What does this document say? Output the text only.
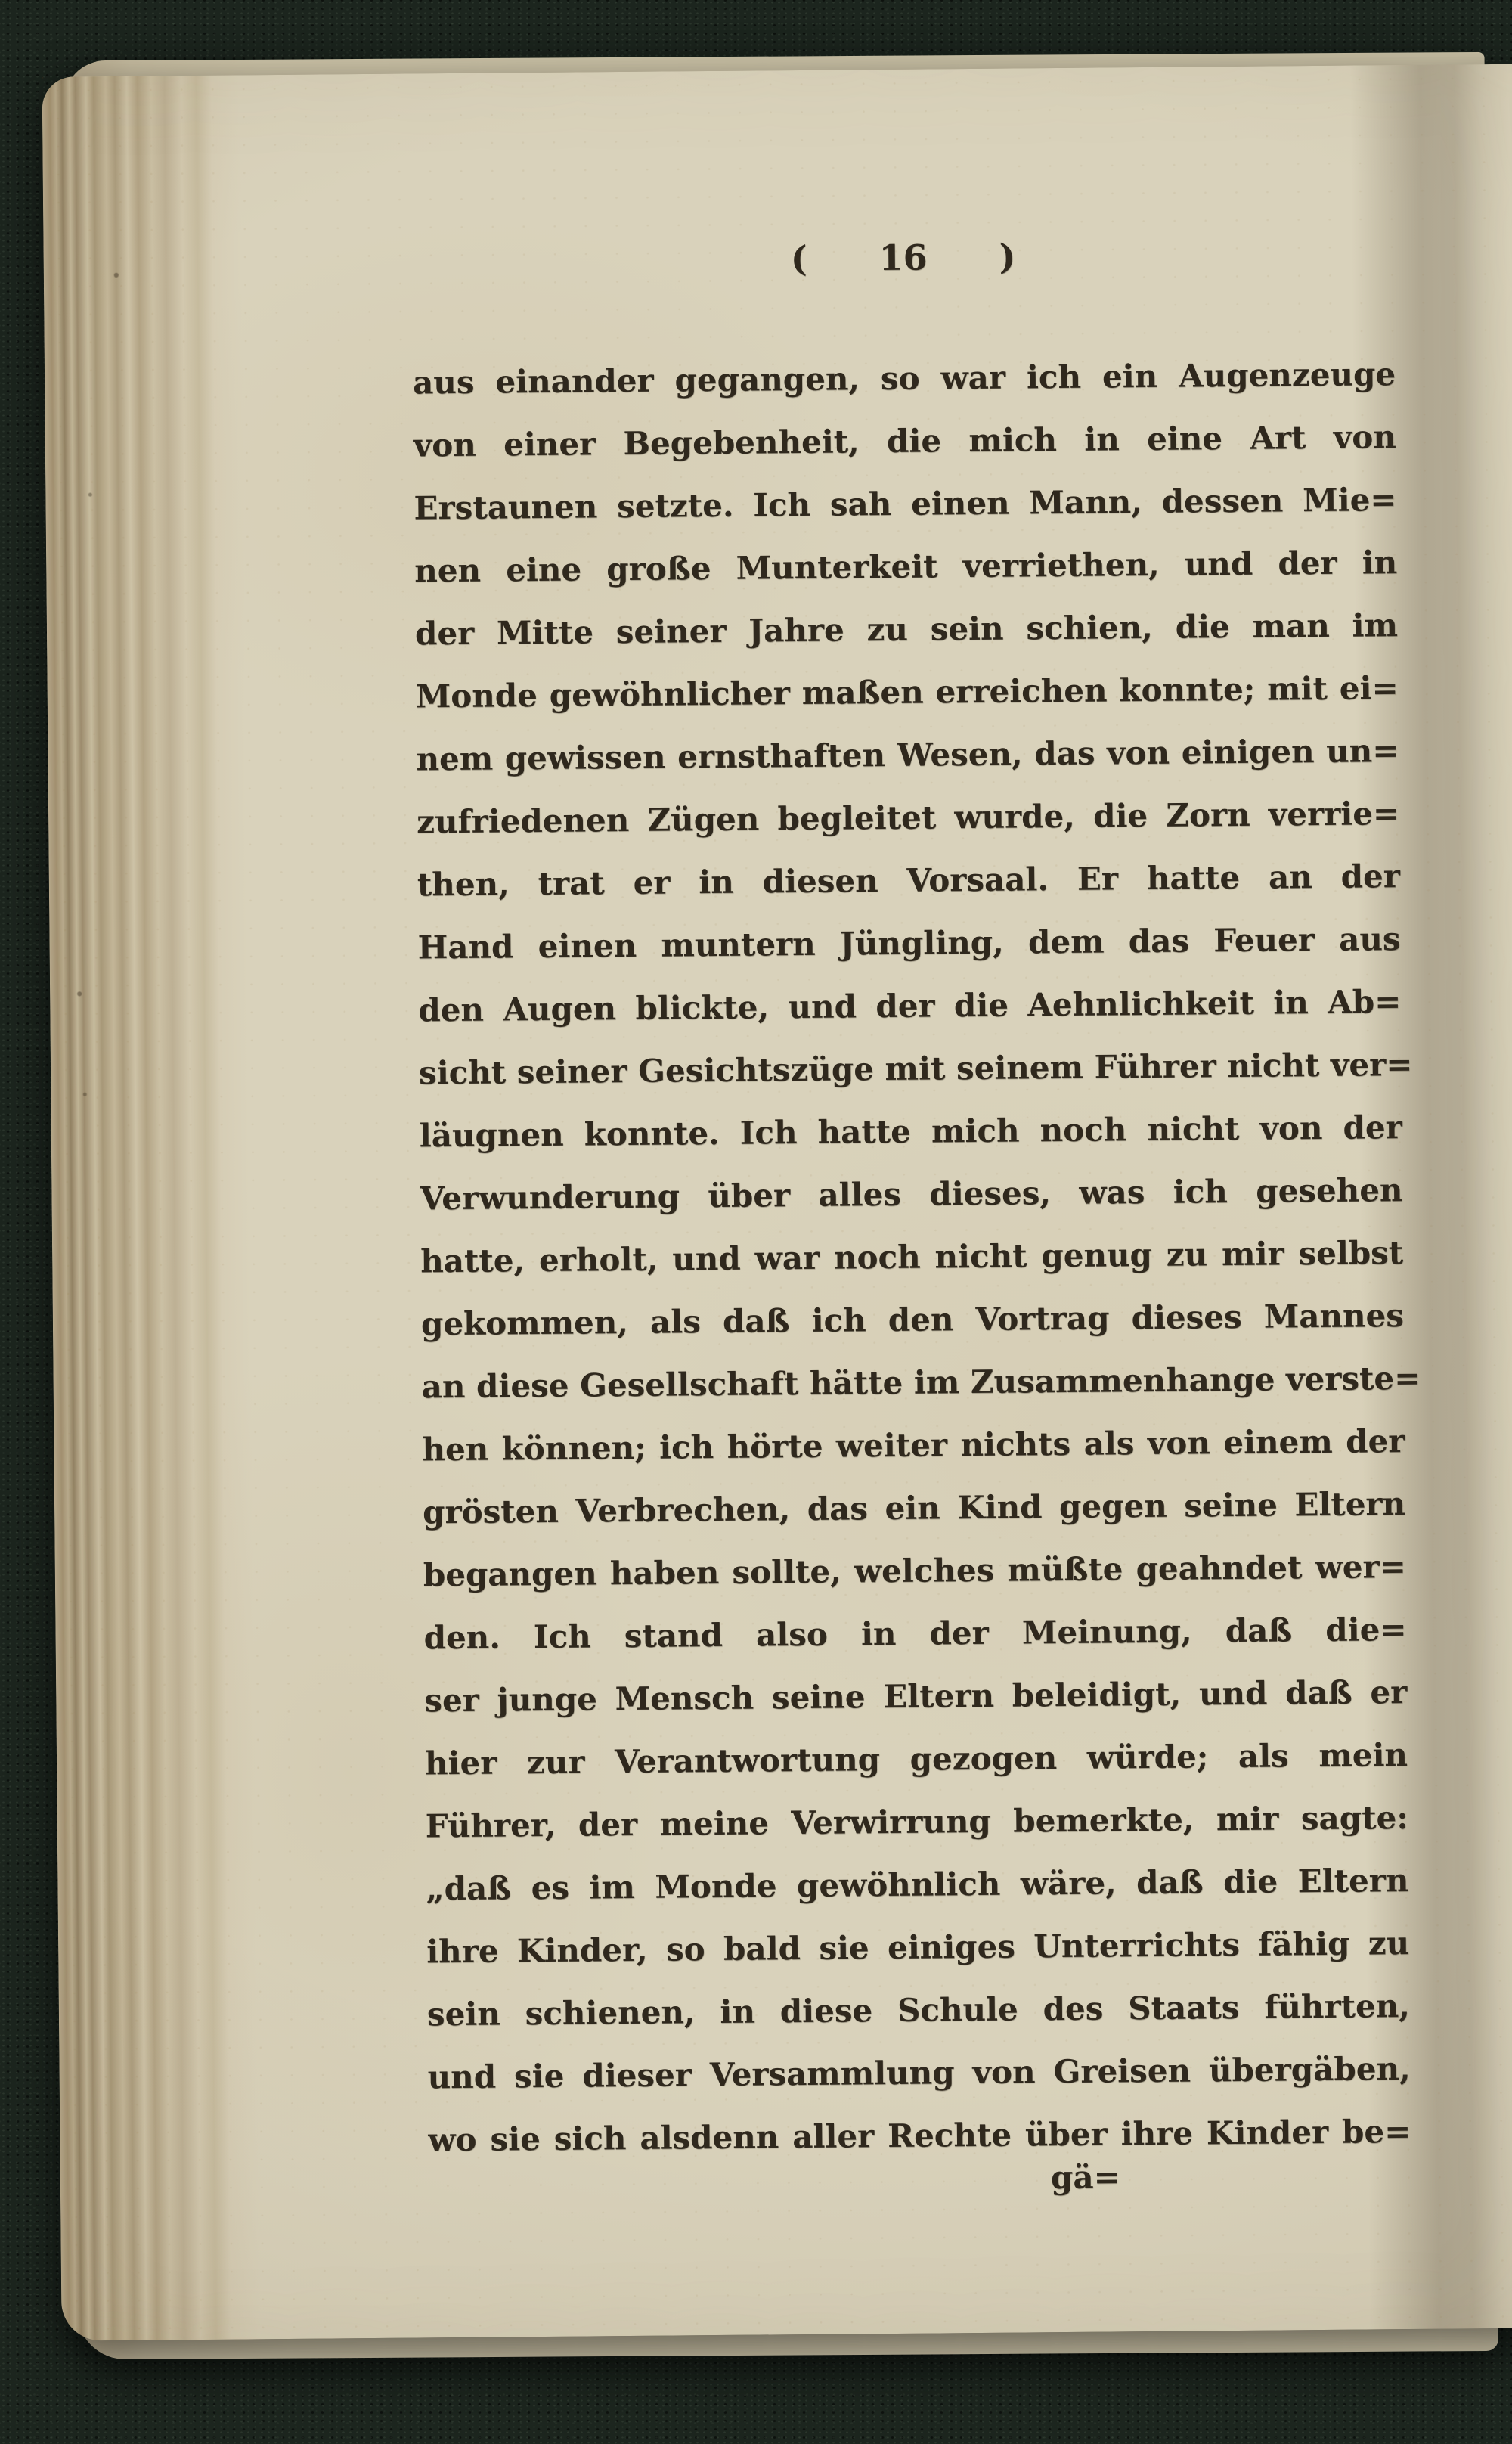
( 16 )
aus einander gegangen, so war ich ein Augenzeuge
von einer Begebenheit, die mich in eine Art von
Erstaunen setzte. Ich sah einen Mann, dessen Mie=
nen eine große Munterkeit verriethen, und der in
der Mitte seiner Jahre zu sein schien, die man im
Monde gewöhnlicher maßen erreichen konnte; mit ei=
nem gewissen ernsthaften Wesen, das von einigen un=
zufriedenen Zügen begleitet wurde, die Zorn verrie=
then, trat er in diesen Vorsaal. Er hatte an der
Hand einen muntern Jüngling, dem das Feuer aus
den Augen blickte, und der die Aehnlichkeit in Ab=
sicht seiner Gesichtszüge mit seinem Führer nicht ver=
läugnen konnte. Ich hatte mich noch nicht von der
Verwunderung über alles dieses, was ich gesehen
hatte, erholt, und war noch nicht genug zu mir selbst
gekommen, als daß ich den Vortrag dieses Mannes
an diese Gesellschaft hätte im Zusammenhange verste=
hen können; ich hörte weiter nichts als von einem der
grösten Verbrechen, das ein Kind gegen seine Eltern
begangen haben sollte, welches müßte geahndet wer=
den. Ich stand also in der Meinung, daß die=
ser junge Mensch seine Eltern beleidigt, und daß er
hier zur Verantwortung gezogen würde; als mein
Führer, der meine Verwirrung bemerkte, mir sagte:
„daß es im Monde gewöhnlich wäre, daß die Eltern
ihre Kinder, so bald sie einiges Unterrichts fähig zu
sein schienen, in diese Schule des Staats führten,
und sie dieser Versammlung von Greisen übergäben,
wo sie sich alsdenn aller Rechte über ihre Kinder be=
gä=
